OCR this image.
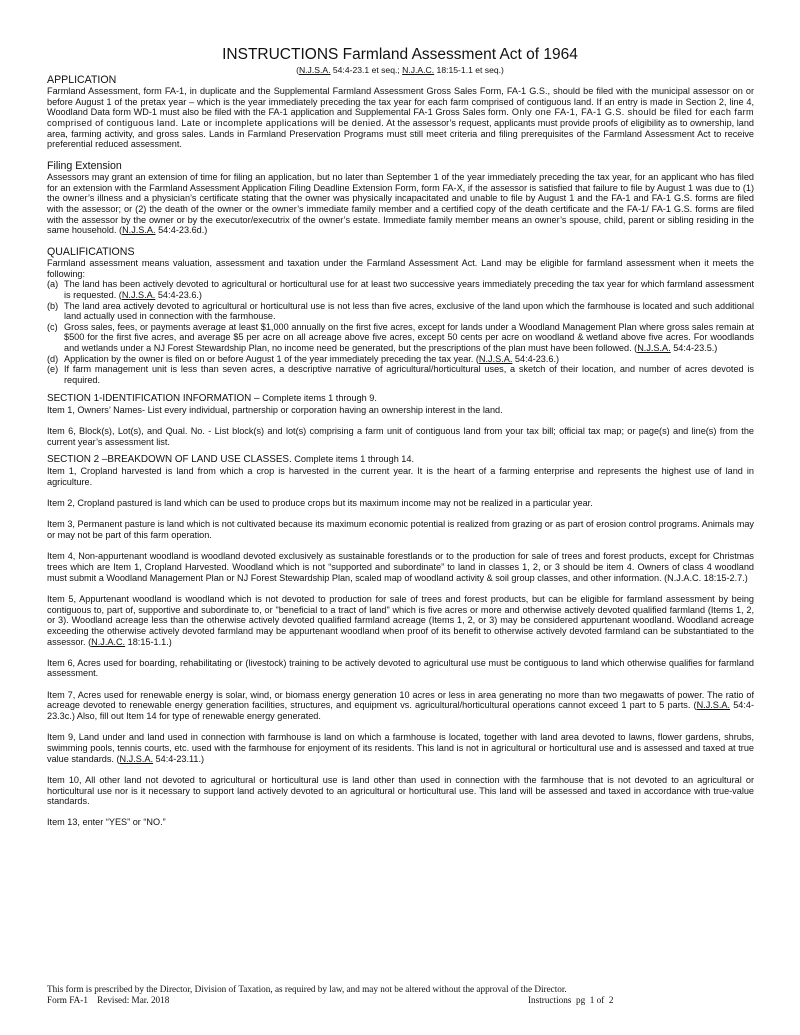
INSTRUCTIONS Farmland Assessment Act of 1964
(N.J.S.A. 54:4-23.1 et seq.; N.J.A.C. 18:15-1.1 et seq.)
APPLICATION

Farmland Assessment, form FA-1, in duplicate and the Supplemental Farmland Assessment Gross Sales Form, FA-1 G.S., should be filed with the municipal assessor on or before August 1 of the pretax year – which is the year immediately preceding the tax year for each farm comprised of contiguous land. If an entry is made in Section 2, line 4, Woodland Data form WD-1 must also be filed with the FA-1 application and Supplemental FA-1 Gross Sales form. Only one FA-1, FA-1 G.S. should be filed for each farm comprised of contiguous land. Late or incomplete applications will be denied. At the assessor’s request, applicants must provide proofs of eligibility as to ownership, land area, farming activity, and gross sales. Lands in Farmland Preservation Programs must still meet criteria and filing prerequisites of the Farmland Assessment Act to receive preferential reduced assessment.

Filing Extension

Assessors may grant an extension of time for filing an application, but no later than September 1 of the year immediately preceding the tax year, for an applicant who has filed for an extension with the Farmland Assessment Application Filing Deadline Extension Form, form FA-X, if the assessor is satisfied that failure to file by August 1 was due to (1) the owner’s illness and a physician’s certificate stating that the owner was physically incapacitated and unable to file by August 1 and the FA-1 and FA-1 G.S. forms are filed with the assessor; or (2) the death of the owner or the owner’s immediate family member and a certified copy of the death certificate and the FA-1/ FA-1 G.S. forms are filed with the assessor by the owner or by the executor/executrix of the owner’s estate. Immediate family member means an owner’s spouse, child, parent or sibling residing in the same household. (N.J.S.A. 54:4-23.6d.)

QUALIFICATIONS

Farmland assessment means valuation, assessment and taxation under the Farmland Assessment Act. Land may be eligible for farmland assessment when it meets the following:

(a) The land has been actively devoted to agricultural or horticultural use for at least two successive years immediately preceding the tax year for which farmland assessment is requested. (N.J.S.A. 54:4-23.6.)
(b) The land area actively devoted to agricultural or horticultural use is not less than five acres, exclusive of the land upon which the farmhouse is located and such additional land actually used in connection with the farmhouse.
(c) Gross sales, fees, or payments average at least $1,000 annually on the first five acres, except for lands under a Woodland Management Plan where gross sales remain at $500 for the first five acres, and average $5 per acre on all acreage above five acres, except 50 cents per acre on woodland & wetland above five acres. For woodlands and wetlands under a NJ Forest Stewardship Plan, no income need be generated, but the prescriptions of the plan must have been followed. (N.J.S.A. 54:4-23.5.)
(d) Application by the owner is filed on or before August 1 of the year immediately preceding the tax year. (N.J.S.A. 54:4-23.6.)
(e) If farm management unit is less than seven acres, a descriptive narrative of agricultural/horticultural uses, a sketch of their location, and number of acres devoted is required.
SECTION 1-IDENTIFICATION INFORMATION – Complete items 1 through 9.

Item 1, Owners’ Names- List every individual, partnership or corporation having an ownership interest in the land.

Item 6, Block(s), Lot(s), and Qual. No. - List block(s) and lot(s) comprising a farm unit of contiguous land from your tax bill; official tax map; or page(s) and line(s) from the current year’s assessment list.

SECTION 2 –BREAKDOWN OF LAND USE CLASSES. Complete items 1 through 14.

Item 1, Cropland harvested is land from which a crop is harvested in the current year. It is the heart of a farming enterprise and represents the highest use of land in agriculture.

Item 2, Cropland pastured is land which can be used to produce crops but its maximum income may not be realized in a particular year.

Item 3, Permanent pasture is land which is not cultivated because its maximum economic potential is realized from grazing or as part of erosion control programs. Animals may or may not be part of this farm operation.

Item 4, Non-appurtenant woodland is woodland devoted exclusively as sustainable forestlands or to the production for sale of trees and forest products, except for Christmas trees which are Item 1, Cropland Harvested. Woodland which is not “supported and subordinate” to land in classes 1, 2, or 3 should be item 4. Owners of class 4 woodland must submit a Woodland Management Plan or NJ Forest Stewardship Plan, scaled map of woodland activity & soil group classes, and other information. (N.J.A.C. 18:15-2.7.)

Item 5, Appurtenant woodland is woodland which is not devoted to production for sale of trees and forest products, but can be eligible for farmland assessment by being contiguous to, part of, supportive and subordinate to, or "beneficial to a tract of land" which is five acres or more and otherwise actively devoted qualified farmland (Items 1, 2, or 3). Woodland acreage less than the otherwise actively devoted qualified farmland acreage (Items 1, 2, or 3) may be considered appurtenant woodland. Woodland acreage exceeding the otherwise actively devoted farmland may be appurtenant woodland when proof of its benefit to otherwise actively devoted farmland can be substantiated to the assessor. (N.J.A.C. 18:15-1.1.)

Item 6, Acres used for boarding, rehabilitating or (livestock) training to be actively devoted to agricultural use must be contiguous to land which otherwise qualifies for farmland assessment.

Item 7, Acres used for renewable energy is solar, wind, or biomass energy generation 10 acres or less in area generating no more than two megawatts of power. The ratio of acreage devoted to renewable energy generation facilities, structures, and equipment vs. agricultural/horticultural operations cannot exceed 1 part to 5 parts. (N.J.S.A. 54:4-23.3c.) Also, fill out Item 14 for type of renewable energy generated.

Item 9, Land under and land used in connection with farmhouse is land on which a farmhouse is located, together with land area devoted to lawns, flower gardens, shrubs, swimming pools, tennis courts, etc. used with the farmhouse for enjoyment of its residents. This land is not in agricultural or horticultural use and is assessed and taxed at true value standards. (N.J.S.A. 54:4-23.11.)

Item 10, All other land not devoted to agricultural or horticultural use is land other than used in connection with the farmhouse that is not devoted to an agricultural or horticultural use nor is it necessary to support land actively devoted to an agricultural or horticultural use. This land will be assessed and taxed in accordance with true-value standards.

Item 13, enter “YES” or “NO.”

This form is prescribed by the Director, Division of Taxation, as required by law, and may not be altered without the approval of the Director.
Form FA-1    Revised: Mar. 2018	Instructions  pg  1 of  2
